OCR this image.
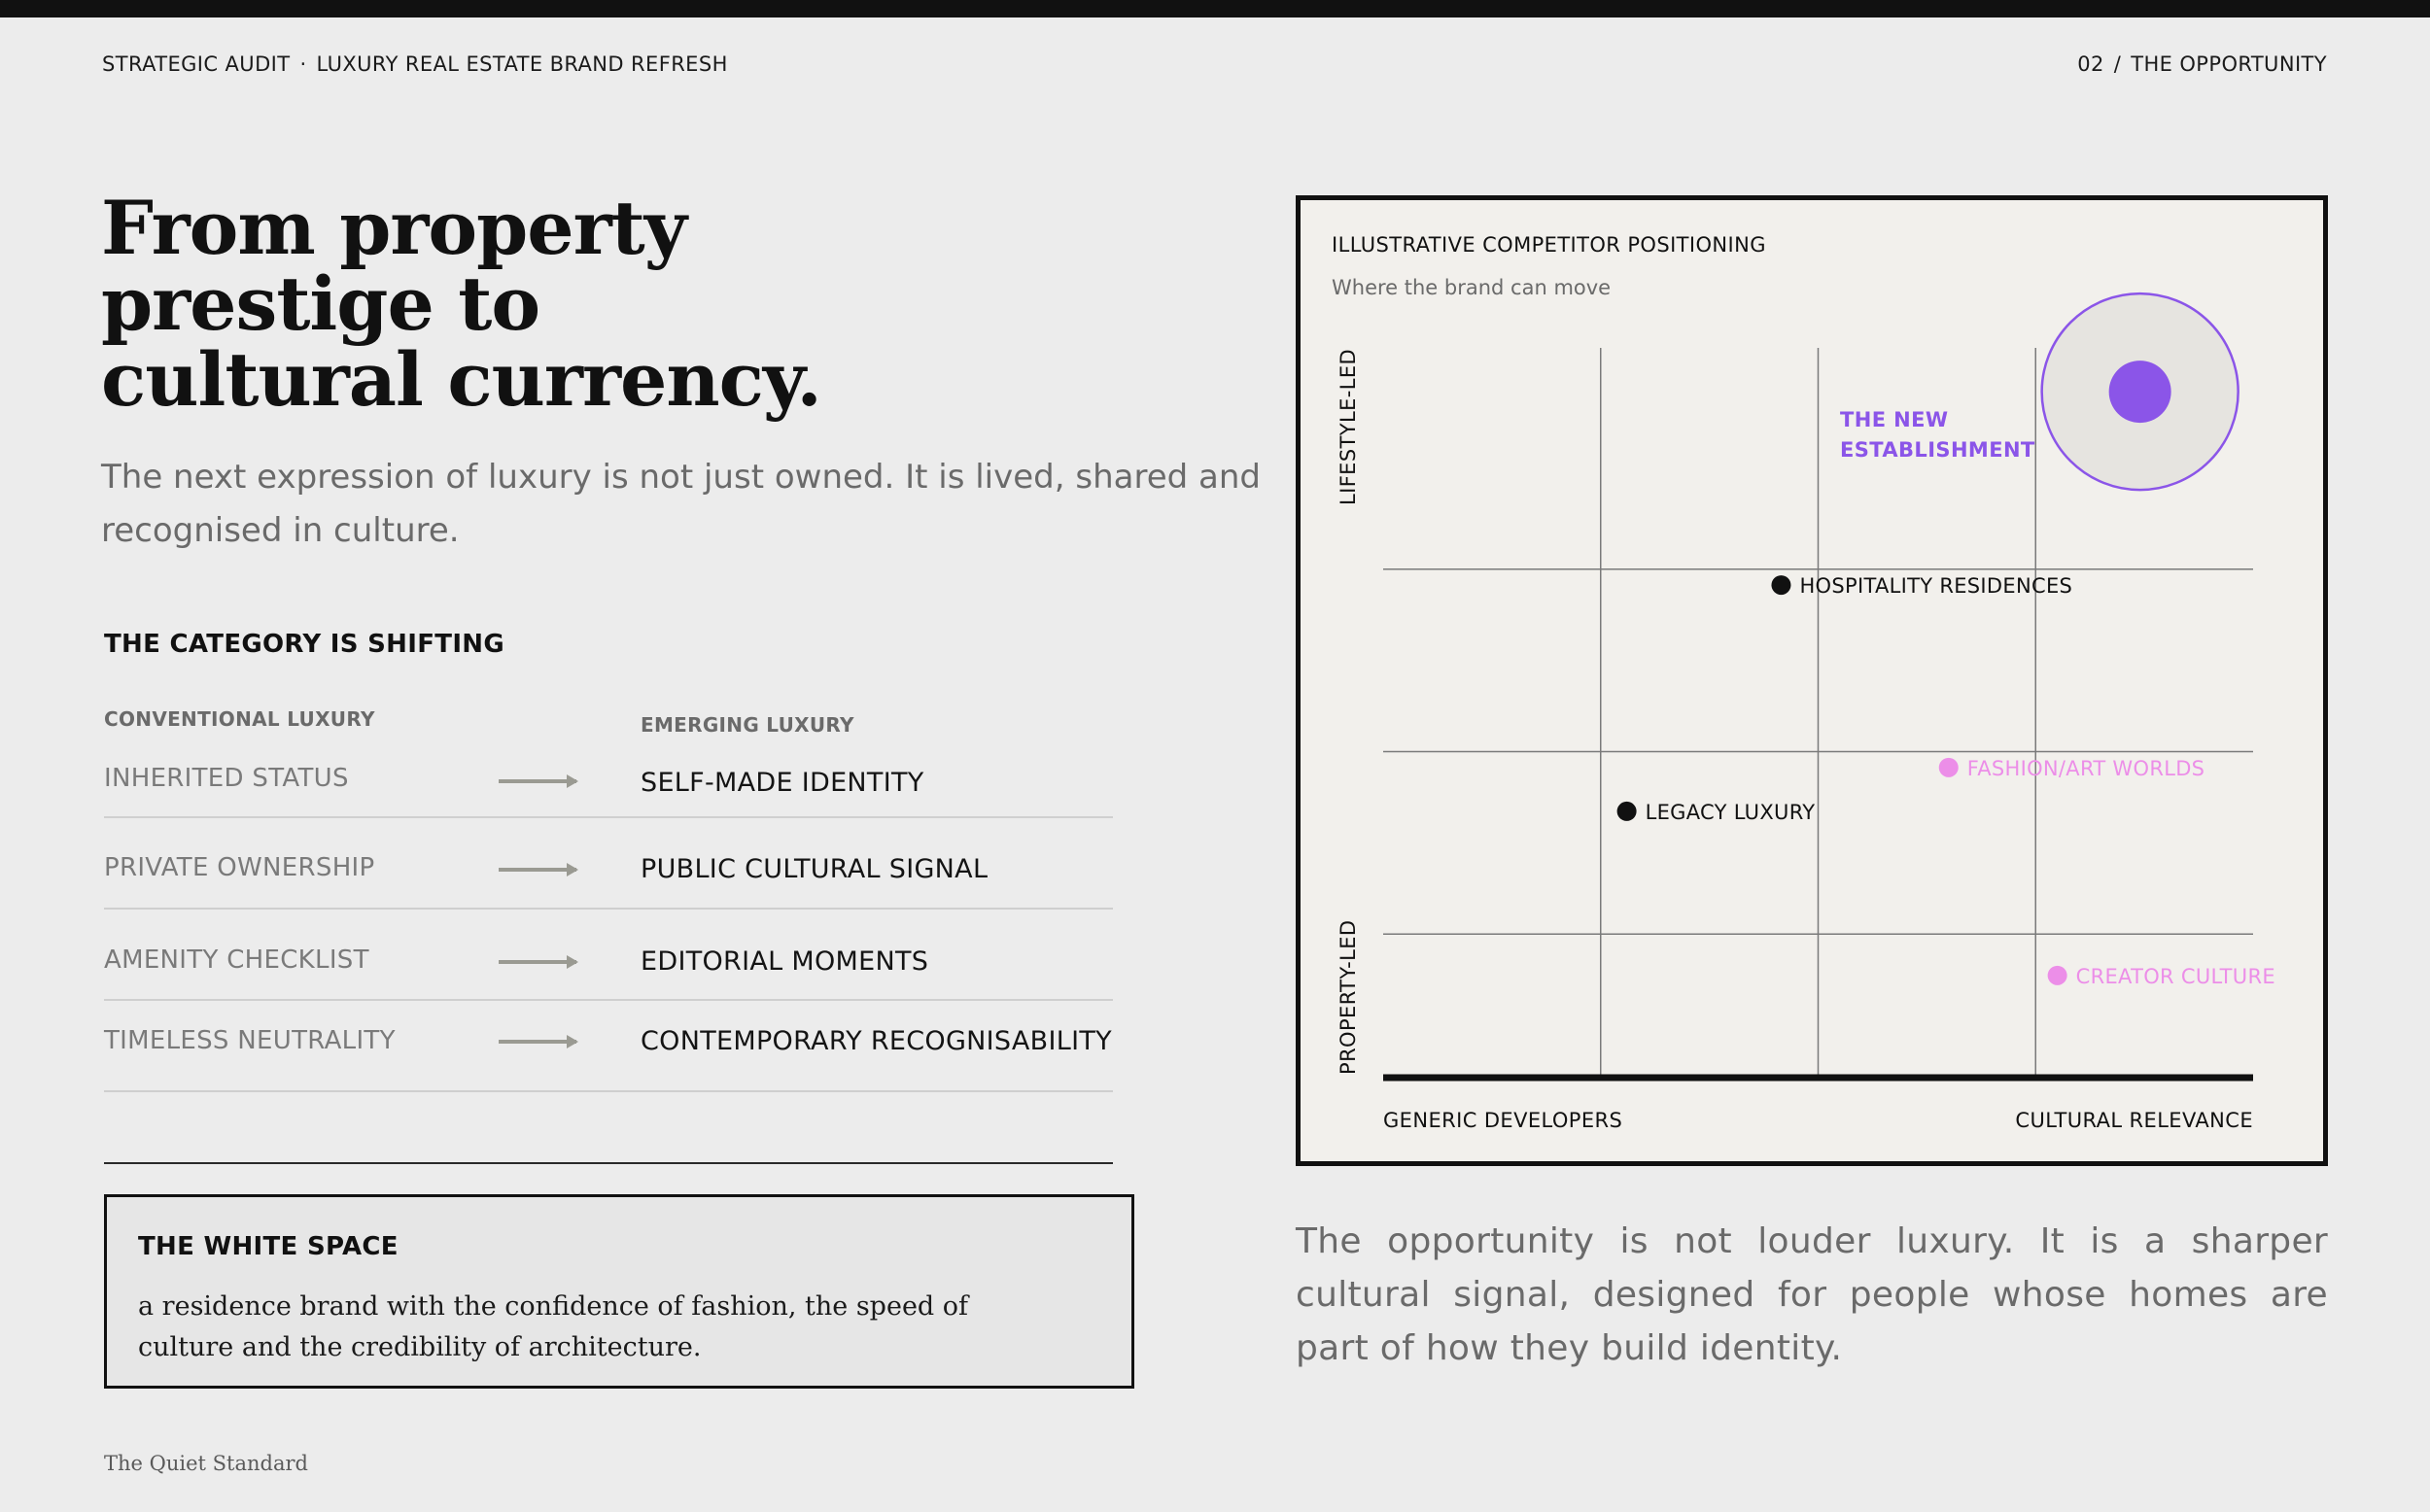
STRATEGIC AUDIT · LUXURY REAL ESTATE BRAND REFRESH	02 / THE OPPORTUNITY
From property
prestige to
cultural currency.

The next expression of luxury is not just owned. It is lived, shared and recognised in culture.

THE CATEGORY IS SHIFTING
CONVENTIONAL LUXURY	EMERGING LUXURY
INHERITED STATUS	SELF-MADE IDENTITY
PRIVATE OWNERSHIP	PUBLIC CULTURAL SIGNAL
AMENITY CHECKLIST	EDITORIAL MOMENTS
TIMELESS NEUTRALITY	CONTEMPORARY RECOGNISABILITY
THE WHITE SPACE
a residence brand with the confidence of fashion, the speed of culture and the credibility of architecture.
The Quiet Standard
ILLUSTRATIVE COMPETITOR POSITIONING
Where the brand can move
LIFESTYLE-LED
PROPERTY-LED
GENERIC DEVELOPERS	CULTURAL RELEVANCE
THE NEW
ESTABLISHMENT
HOSPITALITY RESIDENCES
FASHION/ART WORLDS
LEGACY LUXURY
CREATOR CULTURE

The opportunity is not louder luxury. It is a sharper cultural signal, designed for people whose homes are part of how they build identity.
